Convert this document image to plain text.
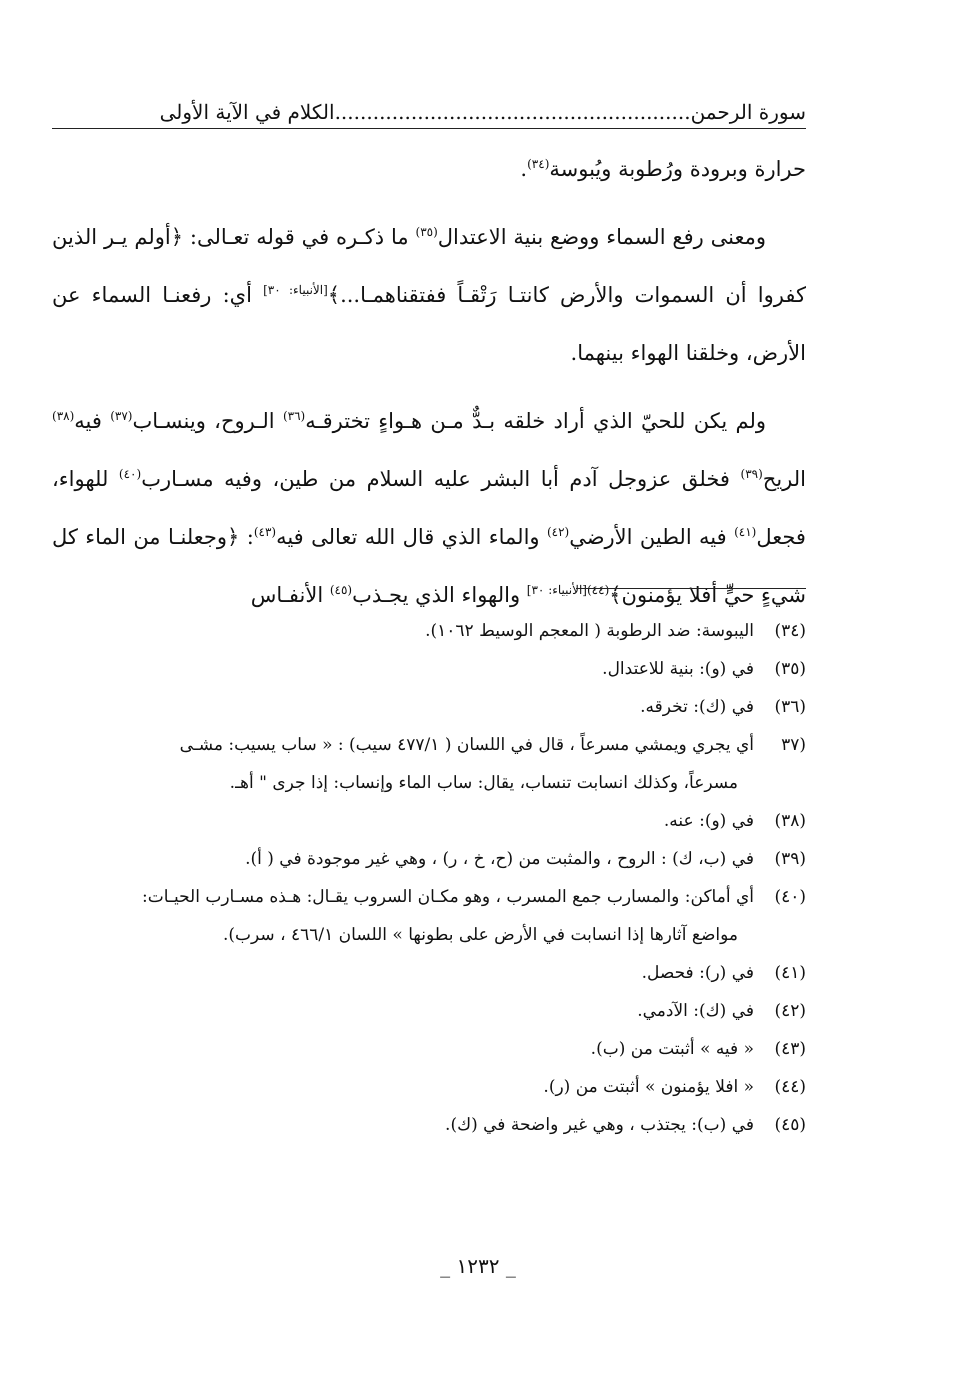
سورة الرحمن........................................................الكلام في الآية الأولى

حرارة وبرودة ورُطوبة ويُبوسة$^{(٣٤)}$.

ومعنى رفع السماء ووضع بنية الاعتدال$^{(٣٥)}$ ما ذكـره في قوله تعـالى: ﴿أولم يـر الذين كفروا أن السموات والأرض كانتـا رَتْقـاً ففتقناهمـا...﴾[الأنبياء: ٣٠] أي: رفعنـا السماء عن الأرض، وخلقنا الهواء بينهما.

ولم يكن للحيّ الذي أراد خلقه بـدٌّ مـن هـواءٍ تخترقـه$^{(٣٦)}$ الـروح، وينسـاب$^{(٣٧)}$ فيه$^{(٣٨)}$ الريح$^{(٣٩)}$ فخلق عزوجل آدم أبا البشر عليه السلام من طين، وفيه مسـارب$^{(٤٠)}$ للهواء، فجعل$^{(٤١)}$ فيه الطين الأرضي$^{(٤٢)}$ والماء الذي قال الله تعالى فيه$^{(٤٣)}$: ﴿وجعلنـا من الماء كل شيءٍ حيٍّ أفلا يؤمنون﴾$^{(٤٤)[الأنبياء: ٣٠]}$ والهواء الذي يجـذب$^{(٤٥)}$ الأنفـاس

(٣٤)اليبوسة: ضد الرطوبة ( المعجم الوسيط ١٠٦٢).
(٣٥)في (و): بنية للاعتدال.
(٣٦)في (ك): تخرقه.
(٣٧أي يجري ويمشي مسرعاً ، قال في اللسان ( ٤٧٧/١ سيب) : « ساب يسيب: مشـى
مسرعاً، وكذلك انسابت تنساب، يقال: ساب الماء وإنساب: إذا جرى " أهـ.
(٣٨)في (و): عنه.
(٣٩)في (ب، ك) : الروح ، والمثبت من (ح، خ ، ر) ، وهي غير موجودة في ( أ).
(٤٠)أي أماكن: والمسارب جمع المسرب ، وهو مكـان السروب يقـال: هـذه مسـارب الحيـات:
مواضع آثارها إذا انسابت في الأرض على بطونها » اللسان ٤٦٦/١ ، سرب).
(٤١)في (ر): فحصل.
(٤٢)في (ك): الآدمي.
(٤٣)« فيه » أثبتت من (ب).
(٤٤)« افلا يؤمنون » أثبتت من (ر).
(٤٥)في (ب): يجتذب ، وهي غير واضحة في (ك).
_ ١٢٣٢ _
